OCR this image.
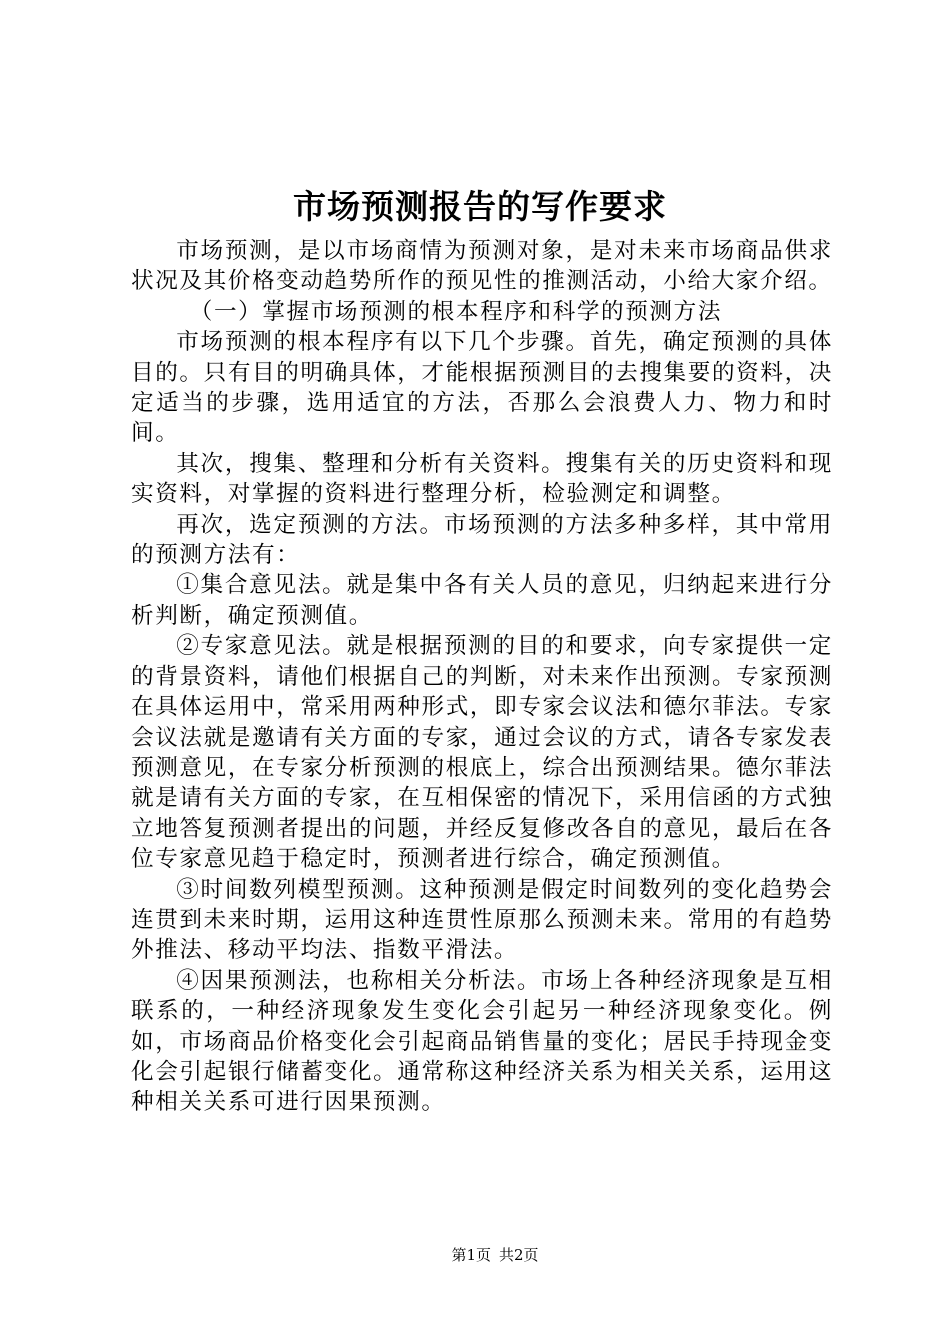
市场预测报告的写作要求

市场预测，是以市场商情为预测对象，是对未来市场商品供求状况及其价格变动趋势所作的预见性的推测活动，小给大家介绍。

（一）掌握市场预测的根本程序和科学的预测方法

市场预测的根本程序有以下几个步骤。首先，确定预测的具体目的。只有目的明确具体，才能根据预测目的去搜集要的资料，决定适当的步骤，选用适宜的方法，否那么会浪费人力、物力和时间。

其次，搜集、整理和分析有关资料。搜集有关的历史资料和现实资料，对掌握的资料进行整理分析，检验测定和调整。

再次，选定预测的方法。市场预测的方法多种多样，其中常用的预测方法有：

①集合意见法。就是集中各有关人员的意见，归纳起来进行分析判断，确定预测值。

②专家意见法。就是根据预测的目的和要求，向专家提供一定的背景资料，请他们根据自己的判断，对未来作出预测。专家预测在具体运用中，常采用两种形式，即专家会议法和德尔菲法。专家会议法就是邀请有关方面的专家，通过会议的方式，请各专家发表预测意见，在专家分析预测的根底上，综合出预测结果。德尔菲法就是请有关方面的专家，在互相保密的情况下，采用信函的方式独立地答复预测者提出的问题，并经反复修改各自的意见，最后在各位专家意见趋于稳定时，预测者进行综合，确定预测值。

③时间数列模型预测。这种预测是假定时间数列的变化趋势会连贯到未来时期，运用这种连贯性原那么预测未来。常用的有趋势外推法、移动平均法、指数平滑法。

④因果预测法，也称相关分析法。市场上各种经济现象是互相联系的，一种经济现象发生变化会引起另一种经济现象变化。例如，市场商品价格变化会引起商品销售量的变化；居民手持现金变化会引起银行储蓄变化。通常称这种经济关系为相关关系，运用这种相关关系可进行因果预测。

第1页 共2页
